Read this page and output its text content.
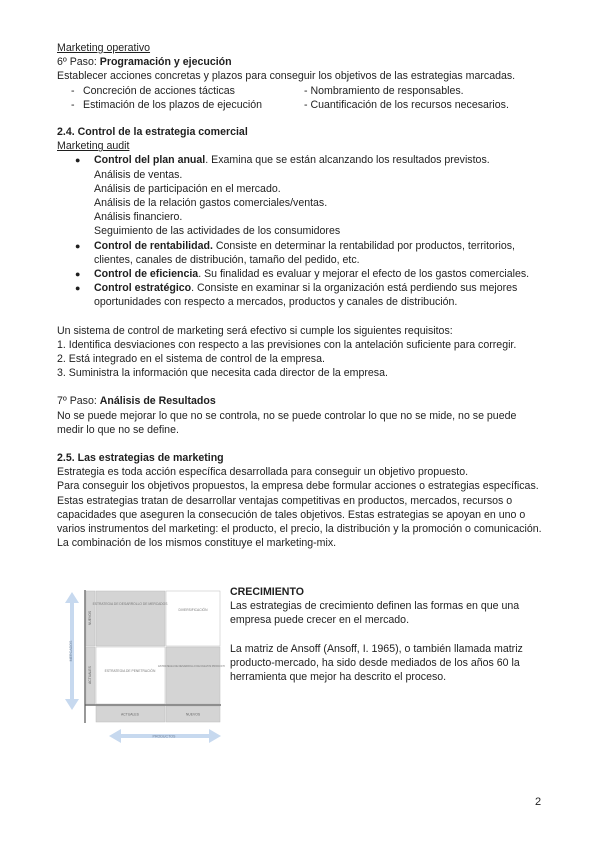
Marketing operativo
6º Paso: Programación y ejecución
Establecer acciones concretas y plazos para conseguir los objetivos de las estrategias marcadas.
- Concreción de acciones tácticas	- Nombramiento de responsables.
- Estimación de los plazos de ejecución	- Cuantificación de los recursos necesarios.
2.4. Control de la estrategia comercial
Marketing audit
● Control del plan anual. Examina que se están alcanzando los resultados previstos.
Análisis de ventas.
Análisis de participación en el mercado.
Análisis de la relación gastos comerciales/ventas.
Análisis financiero.
Seguimiento de las actividades de los consumidores
● Control de rentabilidad. Consiste en determinar la rentabilidad por productos, territorios,
clientes, canales de distribución, tamaño del pedido, etc.
● Control de eficiencia. Su finalidad es evaluar y mejorar el efecto de los gastos comerciales.
● Control estratégico. Consiste en examinar si la organización está perdiendo sus mejores
oportunidades con respecto a mercados, productos y canales de distribución.
Un sistema de control de marketing será efectivo si cumple los siguientes requisitos:
1. Identifica desviaciones con respecto a las previsiones con la antelación suficiente para corregir.
2. Está integrado en el sistema de control de la empresa.
3. Suministra la información que necesita cada director de la empresa.
7º Paso: Análisis de Resultados
No se puede mejorar lo que no se controla, no se puede controlar lo que no se mide, no se puede
medir lo que no se define.
2.5. Las estrategias de marketing
Estrategia es toda acción específica desarrollada para conseguir un objetivo propuesto.
Para conseguir los objetivos propuestos, la empresa debe formular acciones o estrategias específicas.
Estas estrategias tratan de desarrollar ventajas competitivas en productos, mercados, recursos o
capacidades que aseguren la consecución de tales objetivos. Estas estrategias se apoyan en uno o
varios instrumentos del marketing: el producto, el precio, la distribución y la promoción o comunicación.
La combinación de los mismos constituye el marketing-mix.
MERCADOS
PRODUCTOS
NUEVOS
ACTUALES
ESTRATEGIA DE DESARROLLO DE MERCADOS
DIVERSIFICACIÓN
ESTRATEGIA DE PENETRACIÓN
ESTRATEGIA DE DESARROLLO DE NUEVOS PRODUCTOS
ACTUALES	NUEVOS
CRECIMIENTO
Las estrategias de crecimiento definen las formas en que una
empresa puede crecer en el mercado.
La matriz de Ansoff (Ansoff, I. 1965), o también llamada matriz
producto-mercado, ha sido desde mediados de los años 60 la
herramienta que mejor ha descrito el proceso.
2
